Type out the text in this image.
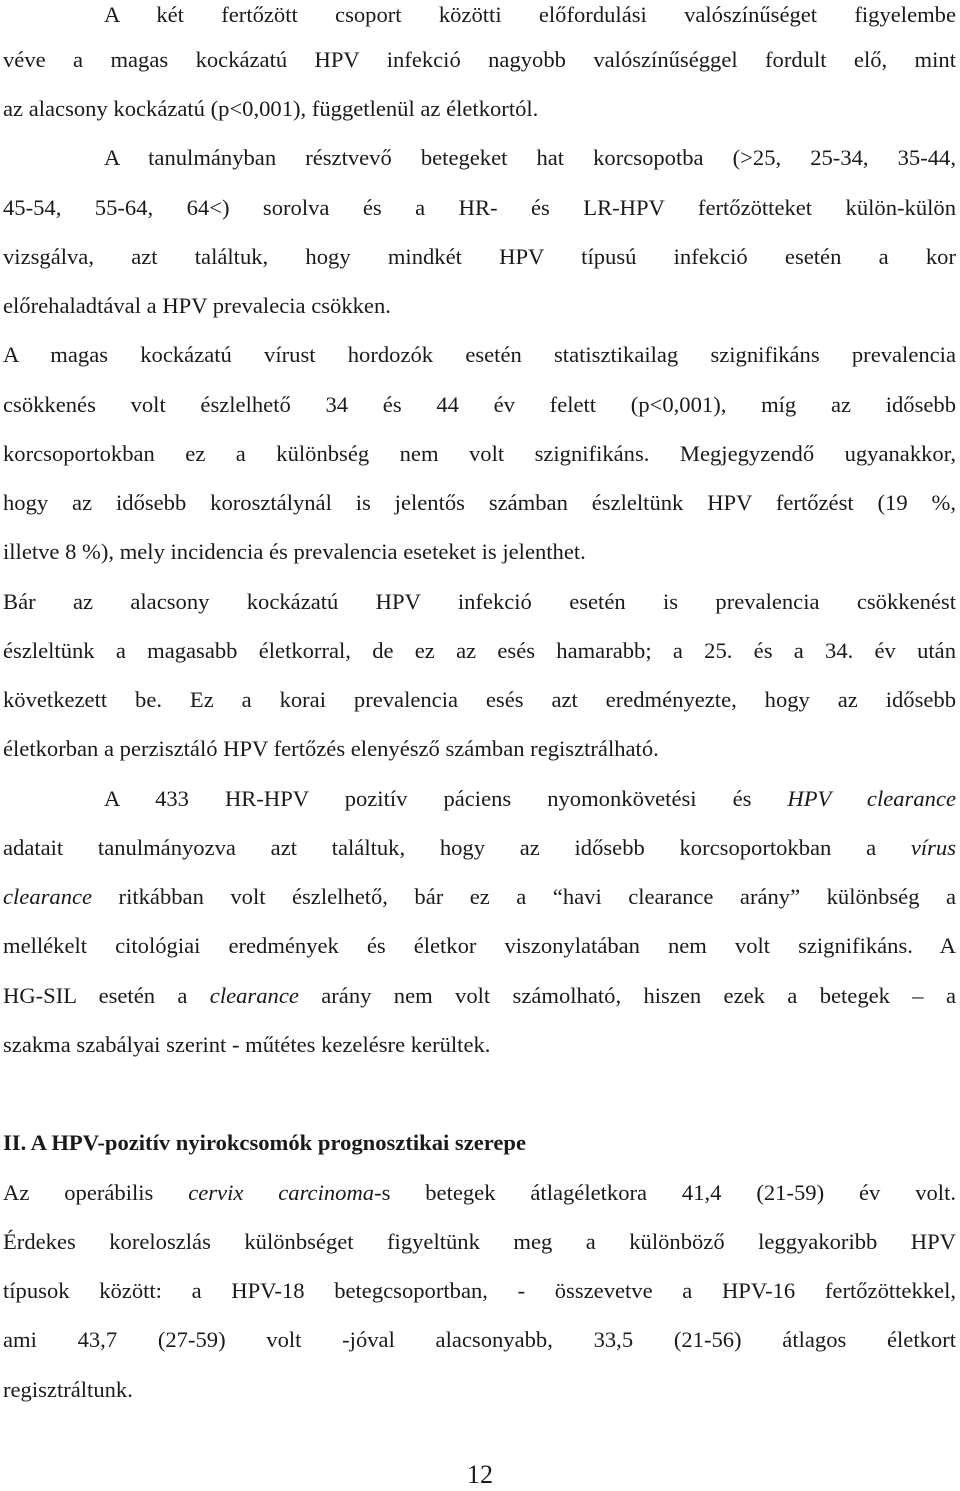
A két fertőzött csoport közötti előfordulási valószínűséget figyelembe
véve a magas kockázatú HPV infekció nagyobb valószínűséggel fordult elő, mint
az alacsony kockázatú (p<0,001), függetlenül az életkortól.
A tanulmányban résztvevő betegeket hat korcsopotba (>25, 25-34, 35-44,
45-54, 55-64, 64<) sorolva és a HR- és LR-HPV fertőzötteket külön-külön
vizsgálva, azt találtuk, hogy mindkét HPV típusú infekció esetén a kor
előrehaladtával a HPV prevalecia csökken.
A magas kockázatú vírust hordozók esetén statisztikailag szignifikáns prevalencia
csökkenés volt észlelhető 34 és 44 év felett (p<0,001), míg az idősebb
korcsoportokban ez a különbség nem volt szignifikáns. Megjegyzendő ugyanakkor,
hogy az idősebb korosztálynál is jelentős számban észleltünk HPV fertőzést (19 %,
illetve 8 %), mely incidencia és prevalencia eseteket is jelenthet.
Bár az alacsony kockázatú HPV infekció esetén is prevalencia csökkenést
észleltünk a magasabb életkorral, de ez az esés hamarabb; a 25. és a 34. év után
következett be. Ez a korai prevalencia esés azt eredményezte, hogy az idősebb
életkorban a perzisztáló HPV fertőzés elenyésző számban regisztrálható.
A 433 HR-HPV pozitív páciens nyomonkövetési és HPV clearance
adatait tanulmányozva azt találtuk, hogy az idősebb korcsoportokban a vírus
clearance ritkábban volt észlelhető, bár ez a “havi clearance arány” különbség a
mellékelt citológiai eredmények és életkor viszonylatában nem volt szignifikáns. A
HG-SIL esetén a clearance arány nem volt számolható, hiszen ezek a betegek – a
szakma szabályai szerint - műtétes kezelésre kerültek.
II. A HPV-pozitív nyirokcsomók prognosztikai szerepe
Az operábilis cervix carcinoma-s betegek átlagéletkora 41,4 (21-59) év volt.
Érdekes koreloszlás különbséget figyeltünk meg a különböző leggyakoribb HPV
típusok között: a HPV-18 betegcsoportban, - összevetve a HPV-16 fertőzöttekkel,
ami 43,7 (27-59) volt -jóval alacsonyabb, 33,5 (21-56) átlagos életkort
regisztráltunk.
12
